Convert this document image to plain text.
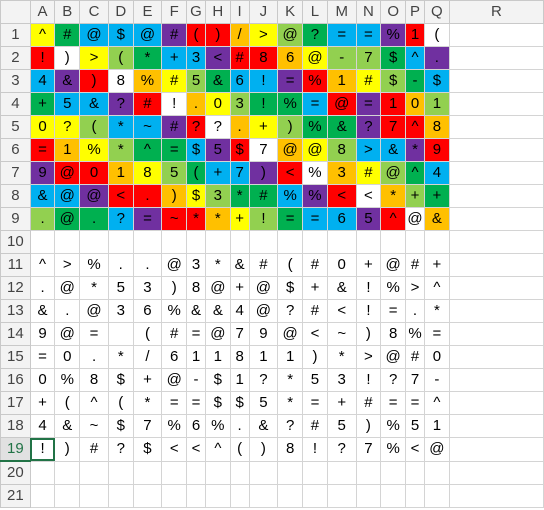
	A	B	C	D	E	F	G	H	I	J	K	L	M	N	O	P	Q	R
1	^	#	@	$	@	#	(	)	/	>	@	?	=	=	%	1	(	
2	!	)	>	(	*	+	3	<	#	8	6	@	-	7	$	^	.	
3	4	&	)	8	%	#	5	&	6	!	=	%	1	#	$	-	$	
4	+	5	&	?	#	!	.	0	3	!	%	=	@	=	1	0	1	
5	0	?	(	*	~	#	?	?	.	+	)	%	&	?	7	^	8	
6	=	1	%	*	^	=	$	5	$	7	@	@	8	>	&	*	9	
7	9	@	0	1	8	5	(	+	7	)	<	%	3	#	@	^	4	
8	&	@	@	<	.	)	$	3	*	#	%	%	<	<	*	+	+	
9	.	@	.	?	=	~	*	*	+	!	=	=	6	5	^	@	&	
10																		
11	^	>	%	.	.	@	3	*	&	#	(	#	0	+	@	#	+	
12	.	@	*	5	3	)	8	@	+	@	$	+	&	!	%	>	^	
13	&	.	@	3	6	%	&	&	4	@	?	#	<	!	=	.	*	
14	9	@	=		(	#	=	@	7	9	@	<	~	)	8	%	=	
15	=	0	.	*	/	6	1	1	8	1	1	)	*	>	@	#	0	
16	0	%	8	$	+	@	-	$	1	?	*	5	3	!	?	7	-	
17	+	(	^	(	*	=	=	$	$	5	*	=	+	#	=	=	^	
18	4	&	~	$	7	%	6	%	.	&	?	#	5	)	%	5	1	
19	!	)	#	?	$	<	<	^	(	)	8	!	?	7	%	<	@	
20																		
21																		
